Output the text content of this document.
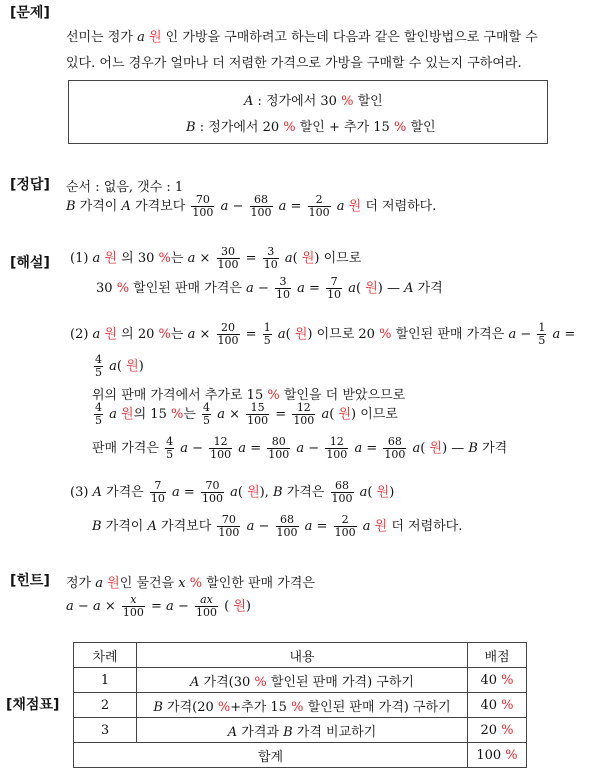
[문제]
[정답]
[해설]
[힌트]
[채점표]
선미는 정가 a 원 인 가방을 구매하려고 하는데 다음과 같은 할인방법으로 구매할 수
있다. 어느 경우가 얼마나 더 저렴한 가격으로 가방을 구매할 수 있는지 구하여라.
A : 정가에서 30 % 할인
B : 정가에서 20 % 할인 + 추가 15 % 할인
순서 : 없음, 갯수 : 1
B 가격이 A 가격보다 $\frac{70}{100}$ $a - \frac{68}{100}$ $a = \frac{2}{100}$ a 원 더 저렴하다.
(1) a 원 의 30 %는 $a \times \frac{30}{100} = \frac{3}{10} a$( 원) 이므로
30 % 할인된 판매 가격은 $a - \frac{3}{10}$ $a = \frac{7}{10} a$( 원) — A 가격
(2) a 원 의 20 %는 $a \times \frac{20}{100} = \frac{1}{5} a$( 원) 이므로 20 % 할인된 판매 가격은 $a - \frac{1}{5}$ a =
$\frac{4}{5} a$( 원)
위의 판매 가격에서 추가로 15 % 할인을 더 받았으므로
$\frac{4}{5}$ a 원의 15 %는 $\frac{4}{5}$ $a \times \frac{15}{100} = \frac{12}{100} a$( 원) 이므로
판매 가격은 $\frac{4}{5}$ $a - \frac{12}{100}$ $a = \frac{80}{100}$ $a - \frac{12}{100}$ $a = \frac{68}{100} a$( 원) — B 가격
(3) A 가격은 $\frac{7}{10}$ $a = \frac{70}{100} a$( 원), B 가격은 $\frac{68}{100} a$( 원)
B 가격이 A 가격보다 $\frac{70}{100}$ $a - \frac{68}{100}$ $a = \frac{2}{100}$ a 원 더 저렴하다.
정가 a 원인 물건을 x % 할인한 판매 가격은
$a - a \times \frac{x}{100} = a - \frac{ax}{100}$ ( 원)
차례	내용	배점
1	A 가격(30 % 할인된 판매 가격) 구하기	40 %
2	B 가격(20 %+추가 15 % 할인된 판매 가격) 구하기	40 %
3	A 가격과 B 가격 비교하기	20 %
합계		100 %
